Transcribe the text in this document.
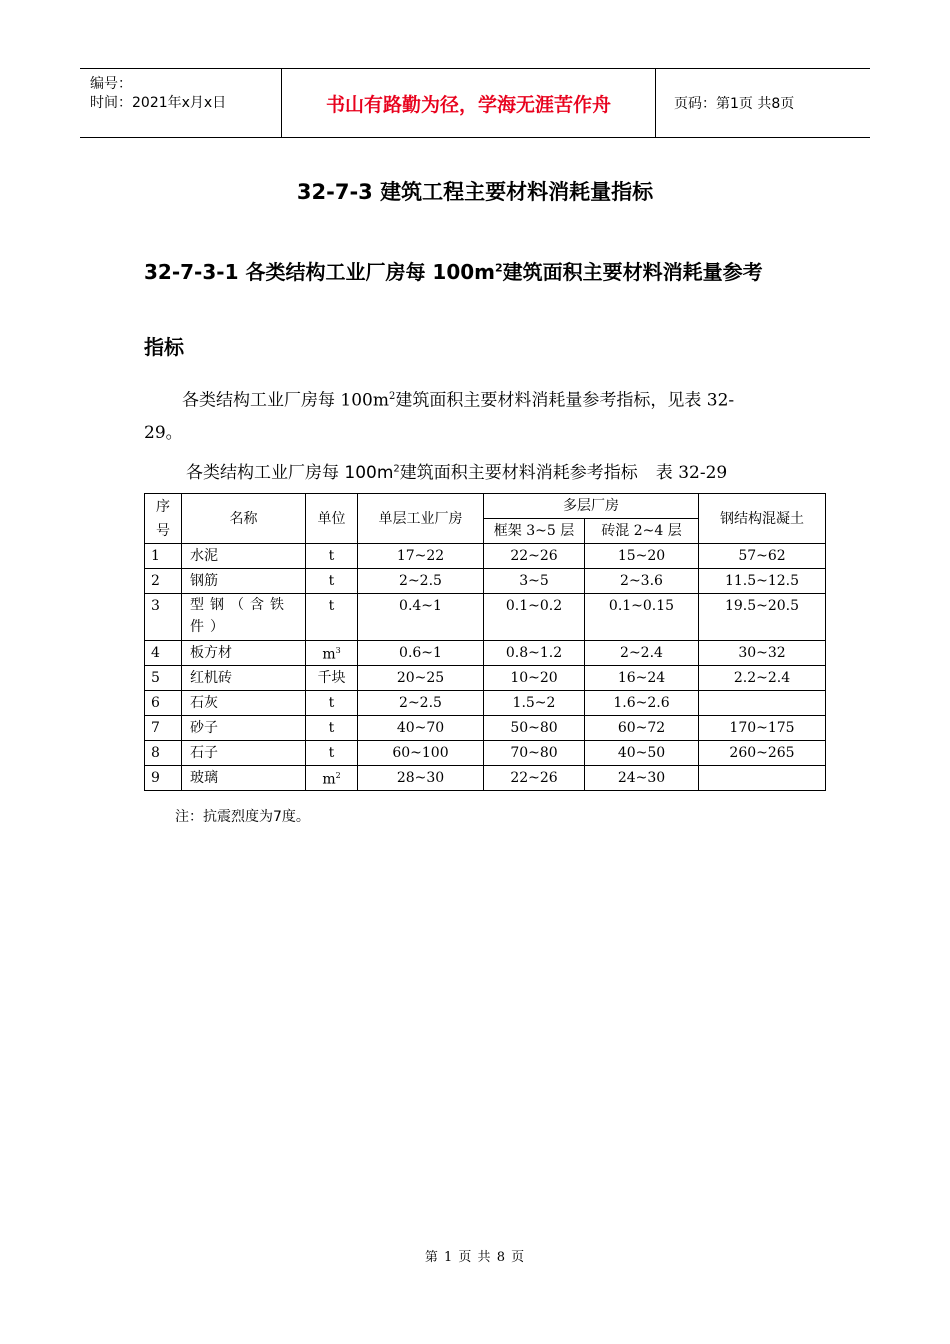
编号：
时间：2021年x月x日	书山有路勤为径，学海无涯苦作舟	页码：第1页 共8页
32-7-3 建筑工程主要材料消耗量指标
32-7-3-1 各类结构工业厂房每 $100m^2$建筑面积主要材料消耗量参考
指标
各类结构工业厂房每 $100m^2$建筑面积主要材料消耗量参考指标，见表 32-
29。
各类结构工业厂房每 $100m^2$建筑面积主要材料消耗参考指标 表 32-29
序号	名称	单位	单层工业厂房	多层厂房		钢结构混凝土
				框架 3~5 层	砖混 2~4 层	
1	水泥	t	17~22	22~26	15~20	57~62
2	钢筋	t	2~2.5	3~5	2~3.6	11.5~12.5
3	型钢（含铁件）	t	0.4~1	0.1~0.2	0.1~0.15	19.5~20.5
4	板方材	$m^3$	0.6~1	0.8~1.2	2~2.4	30~32
5	红机砖	千块	20~25	10~20	16~24	2.2~2.4
6	石灰	t	2~2.5	1.5~2	1.6~2.6	
7	砂子	t	40~70	50~80	60~72	170~175
8	石子	t	60~100	70~80	40~50	260~265
9	玻璃	$m^2$	28~30	22~26	24~30	
注：抗震烈度为7度。
第 1 页 共 8 页
